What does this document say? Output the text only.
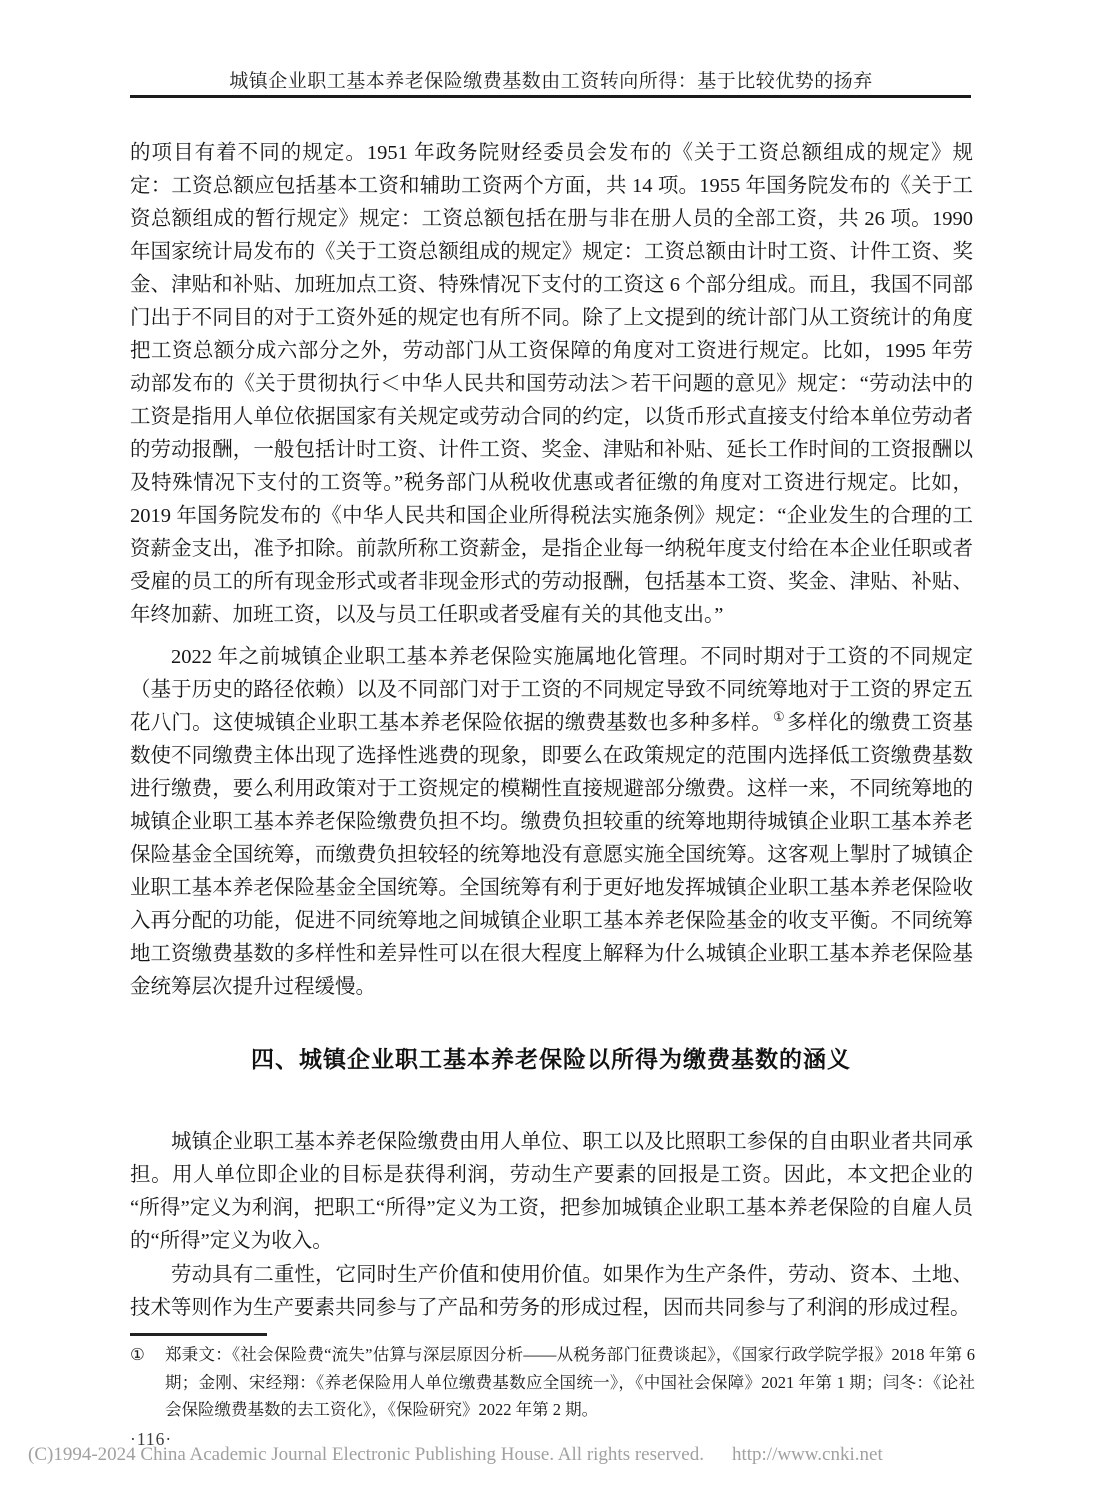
城镇企业职工基本养老保险缴费基数由工资转向所得：基于比较优势的扬弃

的项目有着不同的规定。1951 年政务院财经委员会发布的《关于工资总额组成的规定》规定：工资总额应包括基本工资和辅助工资两个方面，共 14 项。1955 年国务院发布的《关于工资总额组成的暂行规定》规定：工资总额包括在册与非在册人员的全部工资，共 26 项。1990 年国家统计局发布的《关于工资总额组成的规定》规定：工资总额由计时工资、计件工资、奖金、津贴和补贴、加班加点工资、特殊情况下支付的工资这 6 个部分组成。而且，我国不同部门出于不同目的对于工资外延的规定也有所不同。除了上文提到的统计部门从工资统计的角度把工资总额分成六部分之外，劳动部门从工资保障的角度对工资进行规定。比如，1995 年劳动部发布的《关于贯彻执行＜中华人民共和国劳动法＞若干问题的意见》规定：“劳动法中的工资是指用人单位依据国家有关规定或劳动合同的约定，以货币形式直接支付给本单位劳动者的劳动报酬，一般包括计时工资、计件工资、奖金、津贴和补贴、延长工作时间的工资报酬以及特殊情况下支付的工资等。”税务部门从税收优惠或者征缴的角度对工资进行规定。比如，2019 年国务院发布的《中华人民共和国企业所得税法实施条例》规定：“企业发生的合理的工资薪金支出，准予扣除。前款所称工资薪金，是指企业每一纳税年度支付给在本企业任职或者受雇的员工的所有现金形式或者非现金形式的劳动报酬，包括基本工资、奖金、津贴、补贴、年终加薪、加班工资，以及与员工任职或者受雇有关的其他支出。”

2022 年之前城镇企业职工基本养老保险实施属地化管理。不同时期对于工资的不同规定（基于历史的路径依赖）以及不同部门对于工资的不同规定导致不同统筹地对于工资的界定五花八门。这使城镇企业职工基本养老保险依据的缴费基数也多种多样。①多样化的缴费工资基数使不同缴费主体出现了选择性逃费的现象，即要么在政策规定的范围内选择低工资缴费基数进行缴费，要么利用政策对于工资规定的模糊性直接规避部分缴费。这样一来，不同统筹地的城镇企业职工基本养老保险缴费负担不均。缴费负担较重的统筹地期待城镇企业职工基本养老保险基金全国统筹，而缴费负担较轻的统筹地没有意愿实施全国统筹。这客观上掣肘了城镇企业职工基本养老保险基金全国统筹。全国统筹有利于更好地发挥城镇企业职工基本养老保险收入再分配的功能，促进不同统筹地之间城镇企业职工基本养老保险基金的收支平衡。不同统筹地工资缴费基数的多样性和差异性可以在很大程度上解释为什么城镇企业职工基本养老保险基金统筹层次提升过程缓慢。

四、城镇企业职工基本养老保险以所得为缴费基数的涵义

城镇企业职工基本养老保险缴费由用人单位、职工以及比照职工参保的自由职业者共同承担。用人单位即企业的目标是获得利润，劳动生产要素的回报是工资。因此，本文把企业的“所得”定义为利润，把职工“所得”定义为工资，把参加城镇企业职工基本养老保险的自雇人员的“所得”定义为收入。

劳动具有二重性，它同时生产价值和使用价值。如果作为生产条件，劳动、资本、土地、技术等则作为生产要素共同参与了产品和劳务的形成过程，因而共同参与了利润的形成过程。

① 郑秉文：《社会保险费“流失”估算与深层原因分析——从税务部门征费谈起》，《国家行政学院学报》2018 年第 6 期；金刚、宋经翔：《养老保险用人单位缴费基数应全国统一》，《中国社会保障》2021 年第 1 期；闫冬：《论社会保险缴费基数的去工资化》，《保险研究》2022 年第 2 期。
·116·
(C)1994-2024 China Academic Journal Electronic Publishing House. All rights reserved. http://www.cnki.net
